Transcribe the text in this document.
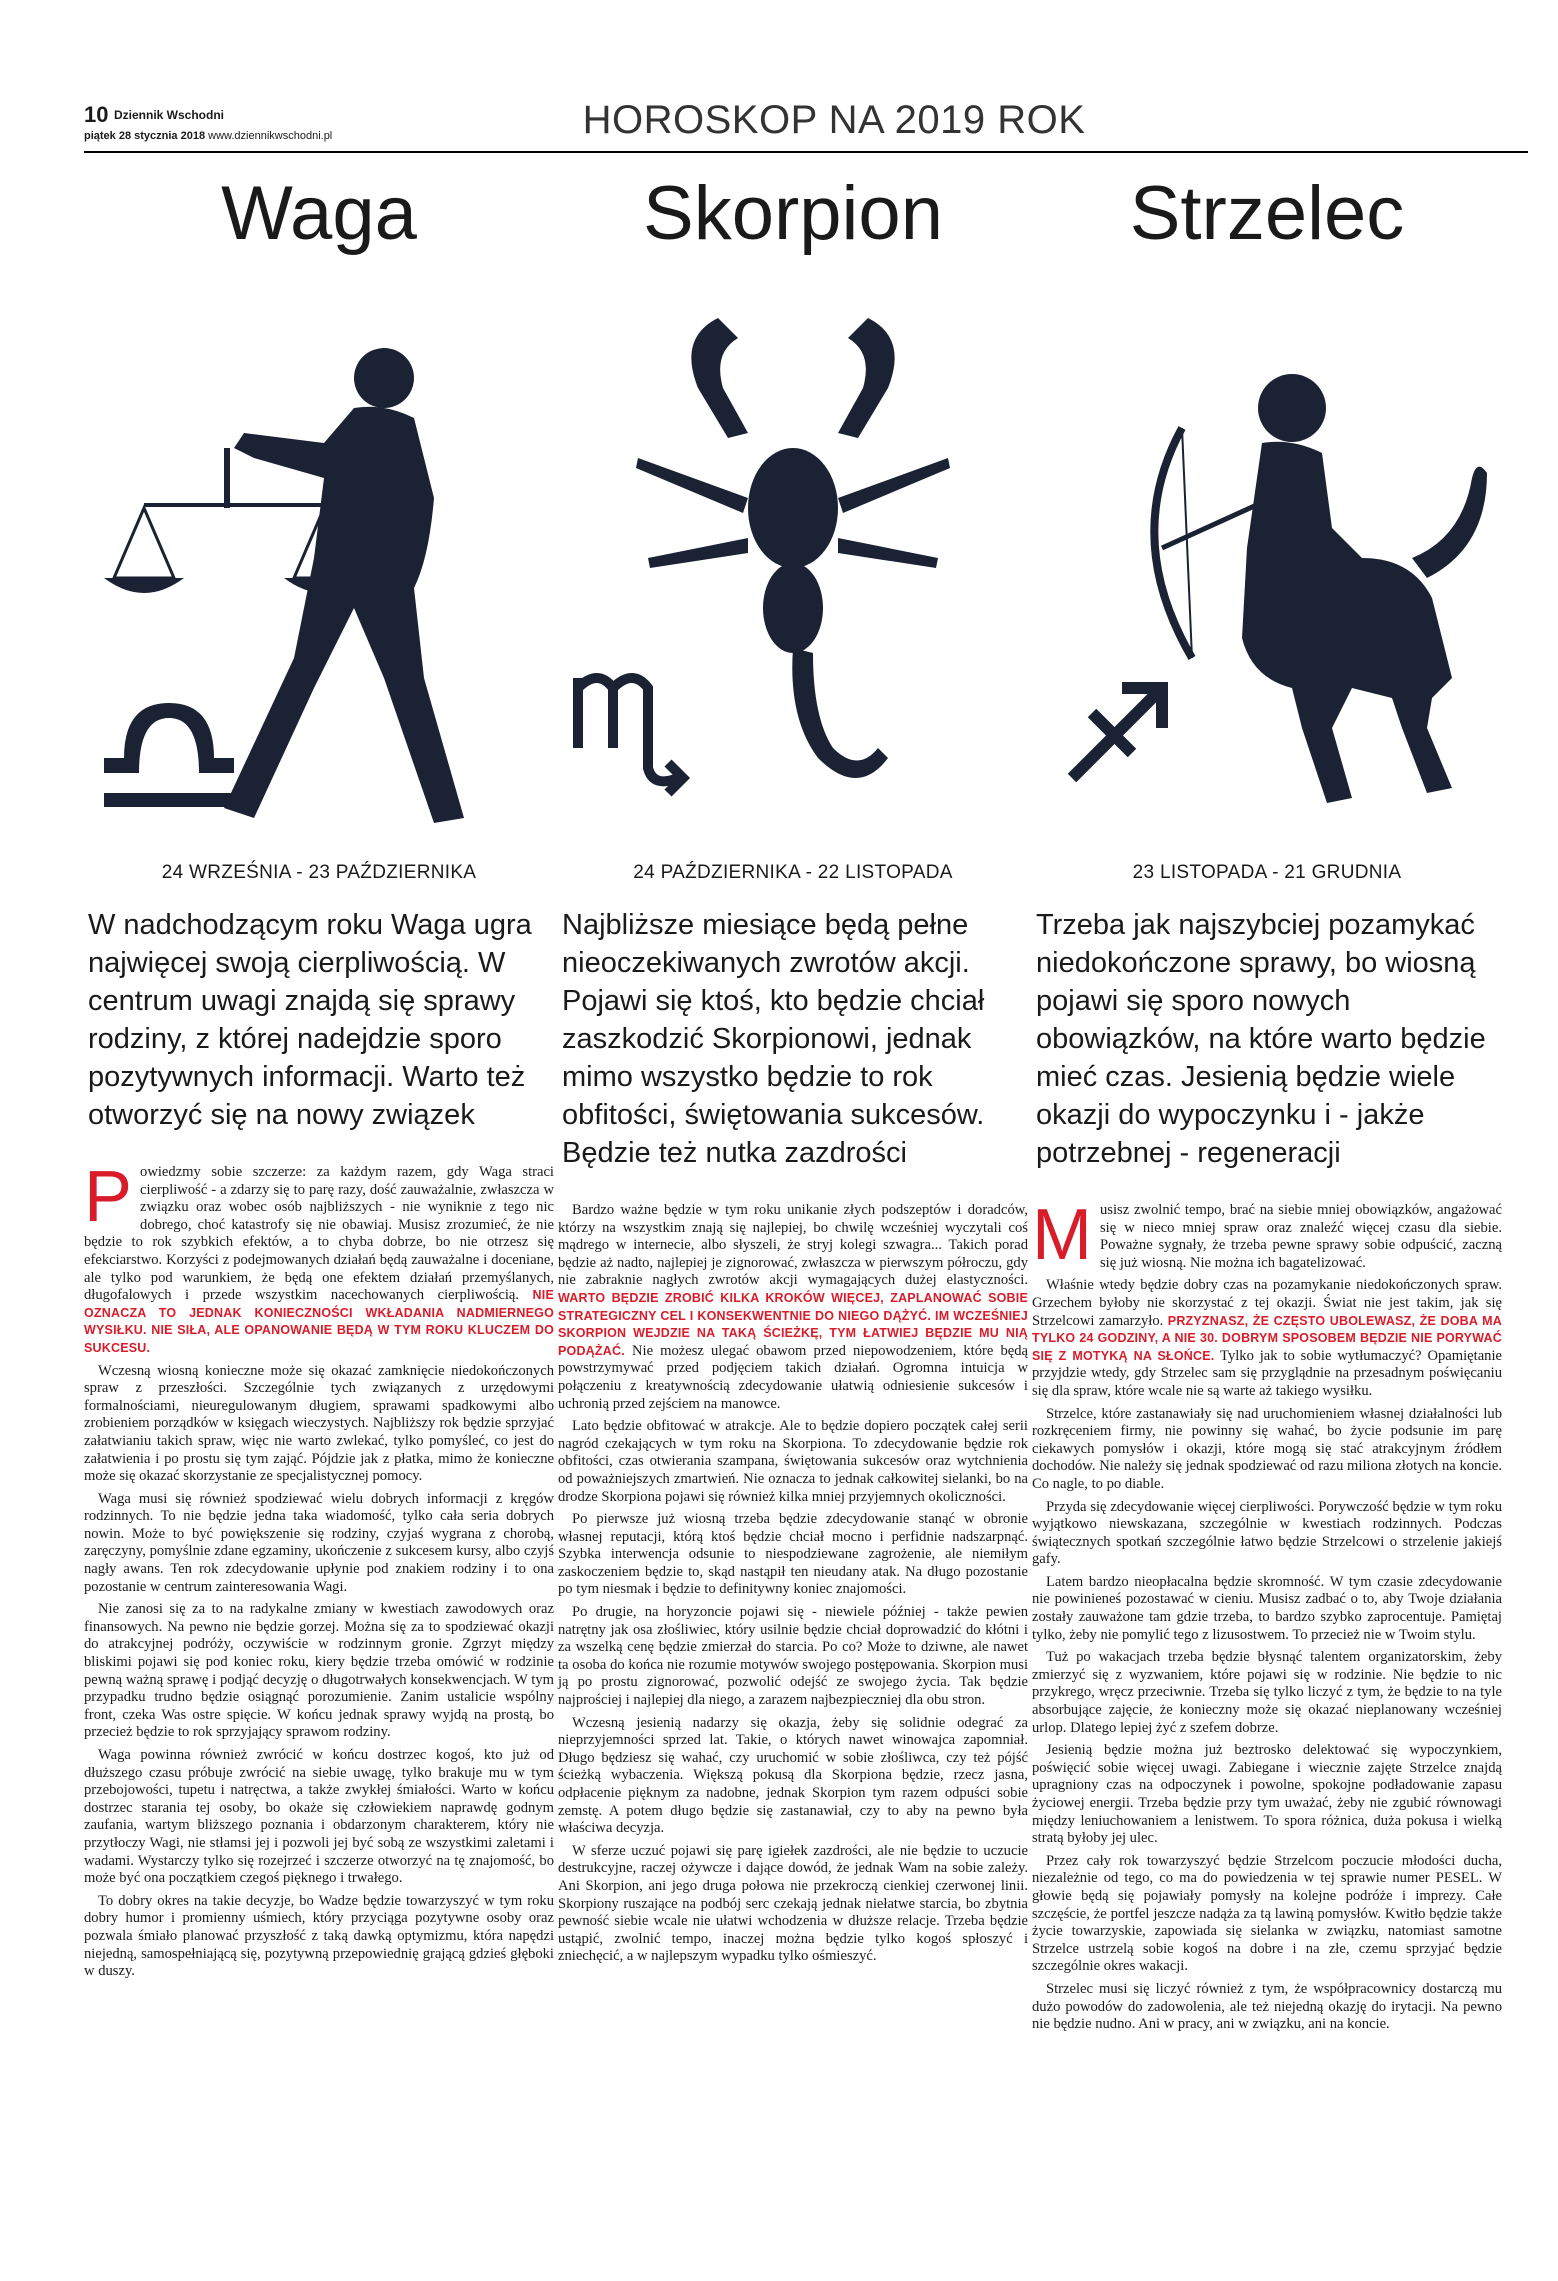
10 Dziennik Wschodni
piątek 28 stycznia 2018 www.dziennikwschodni.pl	HOROSKOP NA 2019 ROK
Waga
24 WRZEŚNIA - 23 PAŹDZIERNIKA
W nadchodzącym roku Waga ugra najwięcej swoją cierpliwością. W centrum uwagi znajdą się sprawy rodziny, z której nadejdzie sporo pozytywnych informacji. Warto też otworzyć się na nowy związek

Powiedzmy sobie szczerze: za każdym razem, gdy Waga straci cierpliwość - a zdarzy się to parę razy, dość zauważalnie, zwłaszcza w związku oraz wobec osób najbliższych - nie wyniknie z tego nic dobrego, choć katastrofy się nie obawiaj. Musisz zrozumieć, że nie będzie to rok szybkich efektów, a to chyba dobrze, bo nie otrzesz się efekciarstwo. Korzyści z podejmowanych działań będą zauważalne i doceniane, ale tylko pod warunkiem, że będą one efektem działań przemyślanych, długofalowych i przede wszystkim nacechowanych cierpliwością. NIE OZNACZA TO JEDNAK KONIECZNOŚCI WKŁADANIA NADMIERNEGO WYSIŁKU. NIE SIŁA, ALE OPANOWANIE BĘDĄ W TYM ROKU KLUCZEM DO SUKCESU.

Wczesną wiosną konieczne może się okazać zamknięcie niedokończonych spraw z przeszłości. Szczególnie tych związanych z urzędowymi formalnościami, nieuregulowanym długiem, sprawami spadkowymi albo zrobieniem porządków w księgach wieczystych. Najbliższy rok będzie sprzyjać załatwianiu takich spraw, więc nie warto zwlekać, tylko pomyśleć, co jest do załatwienia i po prostu się tym zająć. Pójdzie jak z płatka, mimo że konieczne może się okazać skorzystanie ze specjalistycznej pomocy.

Waga musi się również spodziewać wielu dobrych informacji z kręgów rodzinnych. To nie będzie jedna taka wiadomość, tylko cała seria dobrych nowin. Może to być powiększenie się rodziny, czyjaś wygrana z chorobą, zaręczyny, pomyślnie zdane egzaminy, ukończenie z sukcesem kursy, albo czyjś nagły awans. Ten rok zdecydowanie upłynie pod znakiem rodziny i to ona pozostanie w centrum zainteresowania Wagi.

Nie zanosi się za to na radykalne zmiany w kwestiach zawodowych oraz finansowych. Na pewno nie będzie gorzej. Można się za to spodziewać okazji do atrakcyjnej podróży, oczywiście w rodzinnym gronie. Zgrzyt między bliskimi pojawi się pod koniec roku, kiery będzie trzeba omówić w rodzinie pewną ważną sprawę i podjąć decyzję o długotrwałych konsekwencjach. W tym przypadku trudno będzie osiągnąć porozumienie. Zanim ustalicie wspólny front, czeka Was ostre spięcie. W końcu jednak sprawy wyjdą na prostą, bo przecież będzie to rok sprzyjający sprawom rodziny.

Waga powinna również zwrócić w końcu dostrzec kogoś, kto już od dłuższego czasu próbuje zwrócić na siebie uwagę, tylko brakuje mu w tym przebojowości, tupetu i natręctwa, a także zwykłej śmiałości. Warto w końcu dostrzec starania tej osoby, bo okaże się człowiekiem naprawdę godnym zaufania, wartym bliższego poznania i obdarzonym charakterem, który nie przytłoczy Wagi, nie stłamsi jej i pozwoli jej być sobą ze wszystkimi zaletami i wadami. Wystarczy tylko się rozejrzeć i szczerze otworzyć na tę znajomość, bo może być ona początkiem czegoś pięknego i trwałego.

To dobry okres na takie decyzje, bo Wadze będzie towarzyszyć w tym roku dobry humor i promienny uśmiech, który przyciąga pozytywne osoby oraz pozwala śmiało planować przyszłość z taką dawką optymizmu, która napędzi niejedną, samospełniającą się, pozytywną przepowiednię grającą gdzieś głęboki w duszy.

Skorpion
24 PAŹDZIERNIKA - 22 LISTOPADA
Najbliższe miesiące będą pełne nieoczekiwanych zwrotów akcji. Pojawi się ktoś, kto będzie chciał zaszkodzić Skorpionowi, jednak mimo wszystko będzie to rok obfitości, świętowania sukcesów. Będzie też nutka zazdrości

Bardzo ważne będzie w tym roku unikanie złych podszeptów i doradców, którzy na wszystkim znają się najlepiej, bo chwilę wcześniej wyczytali coś mądrego w internecie, albo słyszeli, że stryj kolegi szwagra... Takich porad będzie aż nadto, najlepiej je zignorować, zwłaszcza w pierwszym półroczu, gdy nie zabraknie nagłych zwrotów akcji wymagających dużej elastyczności. WARTO BĘDZIE ZROBIĆ KILKA KROKÓW WIĘCEJ, ZAPLANOWAĆ SOBIE STRATEGICZNY CEL I KONSEKWENTNIE DO NIEGO DĄŻYĆ. IM WCZEŚNIEJ SKORPION WEJDZIE NA TAKĄ ŚCIEŻKĘ, TYM ŁATWIEJ BĘDZIE MU NIĄ PODĄŻAĆ. Nie możesz ulegać obawom przed niepowodzeniem, które będą powstrzymywać przed podjęciem takich działań. Ogromna intuicja w połączeniu z kreatywnością zdecydowanie ułatwią odniesienie sukcesów i uchronią przed zejściem na manowce.

Lato będzie obfitować w atrakcje. Ale to będzie dopiero początek całej serii nagród czekających w tym roku na Skorpiona. To zdecydowanie będzie rok obfitości, czas otwierania szampana, świętowania sukcesów oraz wytchnienia od poważniejszych zmartwień. Nie oznacza to jednak całkowitej sielanki, bo na drodze Skorpiona pojawi się również kilka mniej przyjemnych okoliczności.

Po pierwsze już wiosną trzeba będzie zdecydowanie stanąć w obronie własnej reputacji, którą ktoś będzie chciał mocno i perfidnie nadszarpnąć. Szybka interwencja odsunie to niespodziewane zagrożenie, ale niemiłym zaskoczeniem będzie to, skąd nastąpił ten nieudany atak. Na długo pozostanie po tym niesmak i będzie to definitywny koniec znajomości.

Po drugie, na horyzoncie pojawi się - niewiele później - także pewien natrętny jak osa złośliwiec, który usilnie będzie chciał doprowadzić do kłótni i za wszelką cenę będzie zmierzał do starcia. Po co? Może to dziwne, ale nawet ta osoba do końca nie rozumie motywów swojego postępowania. Skorpion musi ją po prostu zignorować, pozwolić odejść ze swojego życia. Tak będzie najprościej i najlepiej dla niego, a zarazem najbezpieczniej dla obu stron.

Wczesną jesienią nadarzy się okazja, żeby się solidnie odegrać za nieprzyjemności sprzed lat. Takie, o których nawet winowajca zapomniał. Długo będziesz się wahać, czy uruchomić w sobie złośliwca, czy też pójść ścieżką wybaczenia. Większą pokusą dla Skorpiona będzie, rzecz jasna, odpłacenie pięknym za nadobne, jednak Skorpion tym razem odpuści sobie zemstę. A potem długo będzie się zastanawiał, czy to aby na pewno była właściwa decyzja.

W sferze uczuć pojawi się parę igiełek zazdrości, ale nie będzie to uczucie destrukcyjne, raczej ożywcze i dające dowód, że jednak Wam na sobie zależy. Ani Skorpion, ani jego druga połowa nie przekroczą cienkiej czerwonej linii. Skorpiony ruszające na podbój serc czekają jednak niełatwe starcia, bo zbytnia pewność siebie wcale nie ułatwi wchodzenia w dłuższe relacje. Trzeba będzie ustąpić, zwolnić tempo, inaczej można będzie tylko kogoś spłoszyć i zniechęcić, a w najlepszym wypadku tylko ośmieszyć.

Strzelec
23 LISTOPADA - 21 GRUDNIA
Trzeba jak najszybciej pozamykać niedokończone sprawy, bo wiosną pojawi się sporo nowych obowiązków, na które warto będzie mieć czas. Jesienią będzie wiele okazji do wypoczynku i - jakże potrzebnej - regeneracji

Musisz zwolnić tempo, brać na siebie mniej obowiązków, angażować się w nieco mniej spraw oraz znaleźć więcej czasu dla siebie. Poważne sygnały, że trzeba pewne sprawy sobie odpuścić, zaczną się już wiosną. Nie można ich bagatelizować.

Właśnie wtedy będzie dobry czas na pozamykanie niedokończonych spraw. Grzechem byłoby nie skorzystać z tej okazji. Świat nie jest takim, jak się Strzelcowi zamarzyło. PRZYZNASZ, ŻE CZĘSTO UBOLEWASZ, ŻE DOBA MA TYLKO 24 GODZINY, A NIE 30. DOBRYM SPOSOBEM BĘDZIE NIE PORYWAĆ SIĘ Z MOTYKĄ NA SŁOŃCE. Tylko jak to sobie wytłumaczyć? Opamiętanie przyjdzie wtedy, gdy Strzelec sam się przyglądnie na przesadnym poświęcaniu się dla spraw, które wcale nie są warte aż takiego wysiłku.

Strzelce, które zastanawiały się nad uruchomieniem własnej działalności lub rozkręceniem firmy, nie powinny się wahać, bo życie podsunie im parę ciekawych pomysłów i okazji, które mogą się stać atrakcyjnym źródłem dochodów. Nie należy się jednak spodziewać od razu miliona złotych na koncie. Co nagle, to po diable.

Przyda się zdecydowanie więcej cierpliwości. Porywczość będzie w tym roku wyjątkowo niewskazana, szczególnie w kwestiach rodzinnych. Podczas świątecznych spotkań szczególnie łatwo będzie Strzelcowi o strzelenie jakiejś gafy.

Latem bardzo nieopłacalna będzie skromność. W tym czasie zdecydowanie nie powinieneś pozostawać w cieniu. Musisz zadbać o to, aby Twoje działania zostały zauważone tam gdzie trzeba, to bardzo szybko zaprocentuje. Pamiętaj tylko, żeby nie pomylić tego z lizusostwem. To przecież nie w Twoim stylu.

Tuż po wakacjach trzeba będzie błysnąć talentem organizatorskim, żeby zmierzyć się z wyzwaniem, które pojawi się w rodzinie. Nie będzie to nic przykrego, wręcz przeciwnie. Trzeba się tylko liczyć z tym, że będzie to na tyle absorbujące zajęcie, że konieczny może się okazać nieplanowany wcześniej urlop. Dlatego lepiej żyć z szefem dobrze.

Jesienią będzie można już beztrosko delektować się wypoczynkiem, poświęcić sobie więcej uwagi. Zabiegane i wiecznie zajęte Strzelce znajdą upragniony czas na odpoczynek i powolne, spokojne podładowanie zapasu życiowej energii. Trzeba będzie przy tym uważać, żeby nie zgubić równowagi między leniuchowaniem a lenistwem. To spora różnica, duża pokusa i wielką stratą byłoby jej ulec.

Przez cały rok towarzyszyć będzie Strzelcom poczucie młodości ducha, niezależnie od tego, co ma do powiedzenia w tej sprawie numer PESEL. W głowie będą się pojawiały pomysły na kolejne podróże i imprezy. Całe szczęście, że portfel jeszcze nadąża za tą lawiną pomysłów. Kwitło będzie także życie towarzyskie, zapowiada się sielanka w związku, natomiast samotne Strzelce ustrzelą sobie kogoś na dobre i na złe, czemu sprzyjać będzie szczególnie okres wakacji.

Strzelec musi się liczyć również z tym, że współpracownicy dostarczą mu dużo powodów do zadowolenia, ale też niejedną okazję do irytacji. Na pewno nie będzie nudno. Ani w pracy, ani w związku, ani na koncie.
